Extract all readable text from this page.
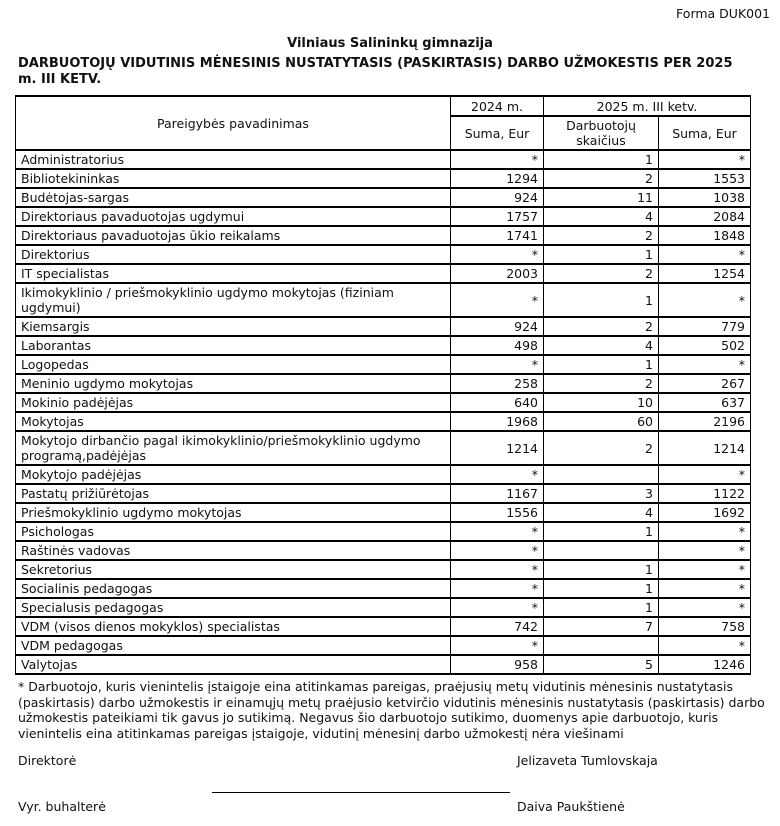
Forma DUK001
Vilniaus Salininkų gimnazija
DARBUOTOJŲ VIDUTINIS MĖNESINIS NUSTATYTASIS (PASKIRTASIS) DARBO UŽMOKESTIS PER 2025 m. III KETV.
Pareigybės pavadinimas	2024 m.	2025 m. III ketv.	
	Suma, Eur	Darbuotojų skaičius	Suma, Eur
Administratorius	*	1	*
Bibliotekininkas	1294	2	1553
Budėtojas-sargas	924	11	1038
Direktoriaus pavaduotojas ugdymui	1757	4	2084
Direktoriaus pavaduotojas ūkio reikalams	1741	2	1848
Direktorius	*	1	*
IT specialistas	2003	2	1254
Ikimokyklinio / priešmokyklinio ugdymo mokytojas (fiziniam ugdymui)	*	1	*
Kiemsargis	924	2	779
Laborantas	498	4	502
Logopedas	*	1	*
Meninio ugdymo mokytojas	258	2	267
Mokinio padėjėjas	640	10	637
Mokytojas	1968	60	2196
Mokytojo dirbančio pagal ikimokyklinio/priešmokyklinio ugdymo programą,padėjėjas	1214	2	1214
Mokytojo padėjėjas	*		*
Pastatų prižiūrėtojas	1167	3	1122
Priešmokyklinio ugdymo mokytojas	1556	4	1692
Psichologas	*	1	*
Raštinės vadovas	*		*
Sekretorius	*	1	*
Socialinis pedagogas	*	1	*
Specialusis pedagogas	*	1	*
VDM (visos dienos mokyklos) specialistas	742	7	758
VDM pedagogas	*		*
Valytojas	958	5	1246

* Darbuotojo, kuris vienintelis įstaigoje eina atitinkamas pareigas, praėjusių metų vidutinis mėnesinis nustatytasis (paskirtasis) darbo užmokestis ir einamųjų metų praėjusio ketvirčio vidutinis mėnesinis nustatytasis (paskirtasis) darbo užmokestis pateikiami tik gavus jo sutikimą. Negavus šio darbuotojo sutikimo, duomenys apie darbuotojo, kuris vienintelis eina atitinkamas pareigas įstaigoje, vidutinį mėnesinį darbo užmokestį nėra viešinami

Direktorė	Jelizaveta Tumlovskaja
Vyr. buhalterė	Daiva Paukštienė
